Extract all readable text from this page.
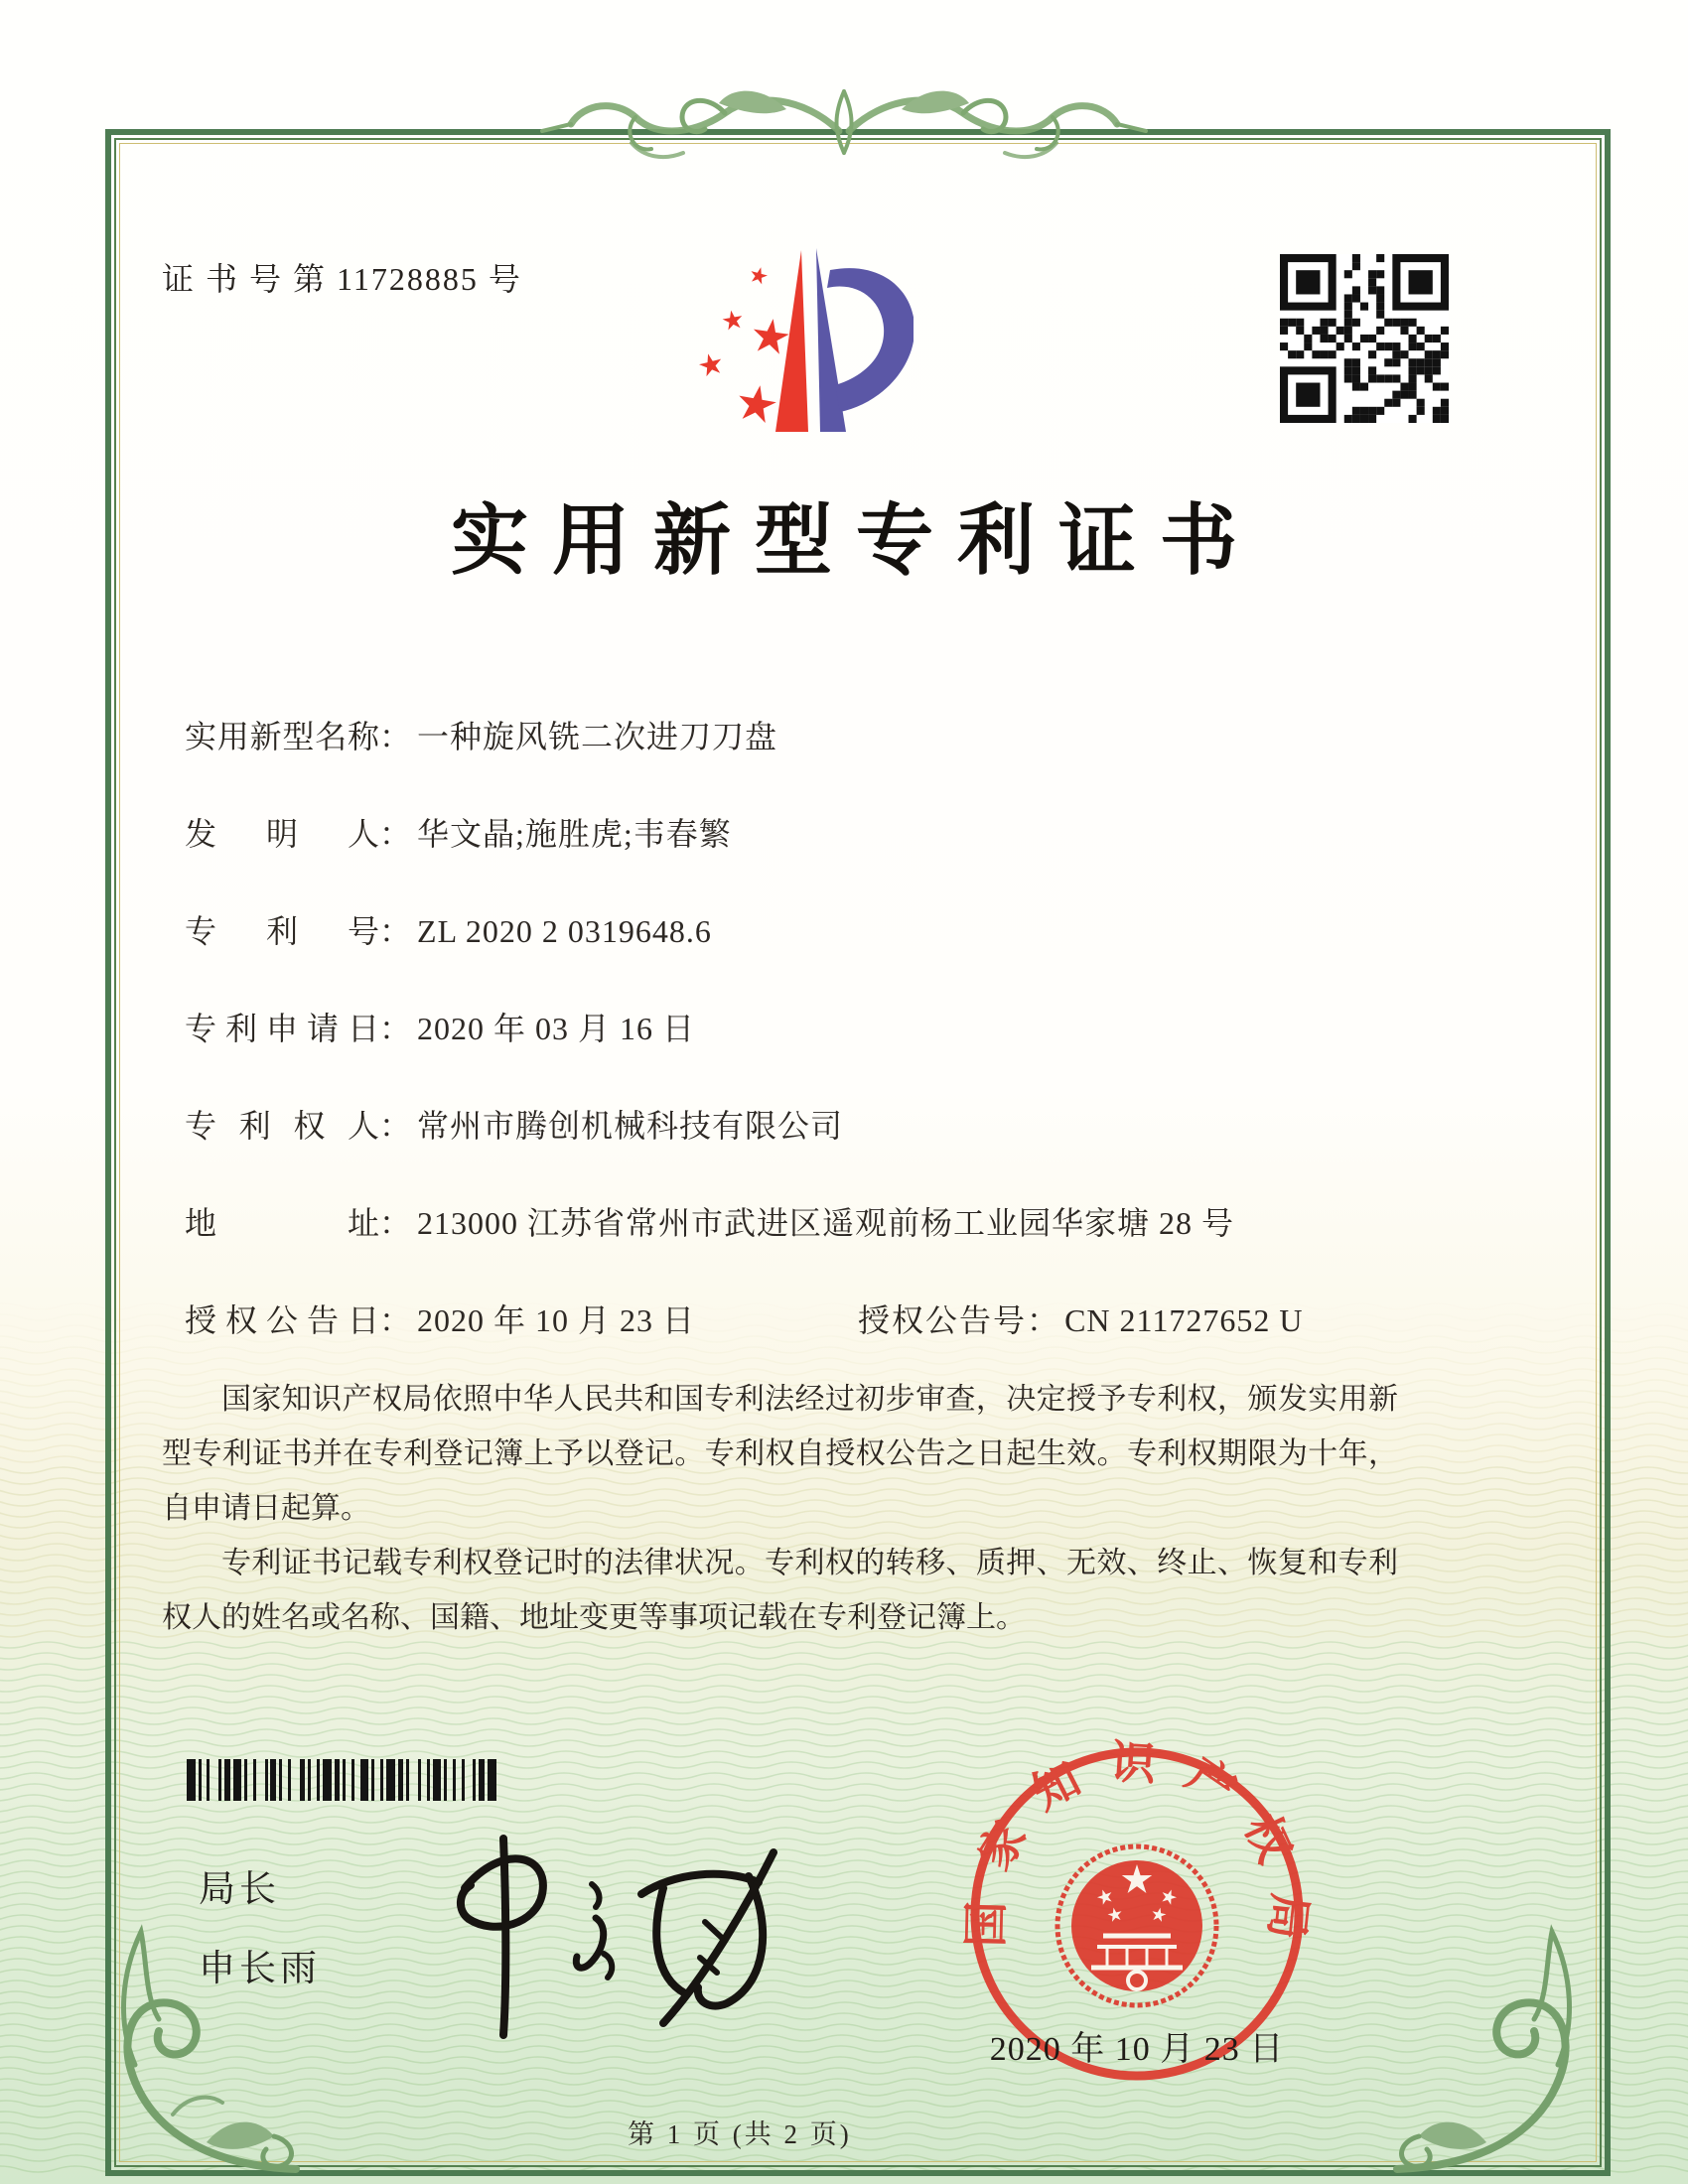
证 书 号 第 11728885 号
实用新型专利证书
实用新型名称 ： 一种旋风铣二次进刀刀盘
发明人 ： 华文晶;施胜虎;韦春繁
专利号 ： ZL 2020 2 0319648.6
专利申请日 ： 2020 年 03 月 16 日
专利权人 ： 常州市腾创机械科技有限公司
地址 ： 213000 江苏省常州市武进区遥观前杨工业园华家塘 28 号
授权公告日 ： 2020 年 10 月 23 日	授权公告号 ： CN 211727652 U

国家知识产权局依照中华人民共和国专利法经过初步审查，决定授予专利权，颁发实用新型专利证书并在专利登记簿上予以登记。专利权自授权公告之日起生效。专利权期限为十年，自申请日起算。

专利证书记载专利权登记时的法律状况。专利权的转移、质押、无效、终止、恢复和专利权人的姓名或名称、国籍、地址变更等事项记载在专利登记簿上。

局长
申长雨
国家知识产权局
2020 年 10 月 23 日
第 1 页 (共 2 页)
